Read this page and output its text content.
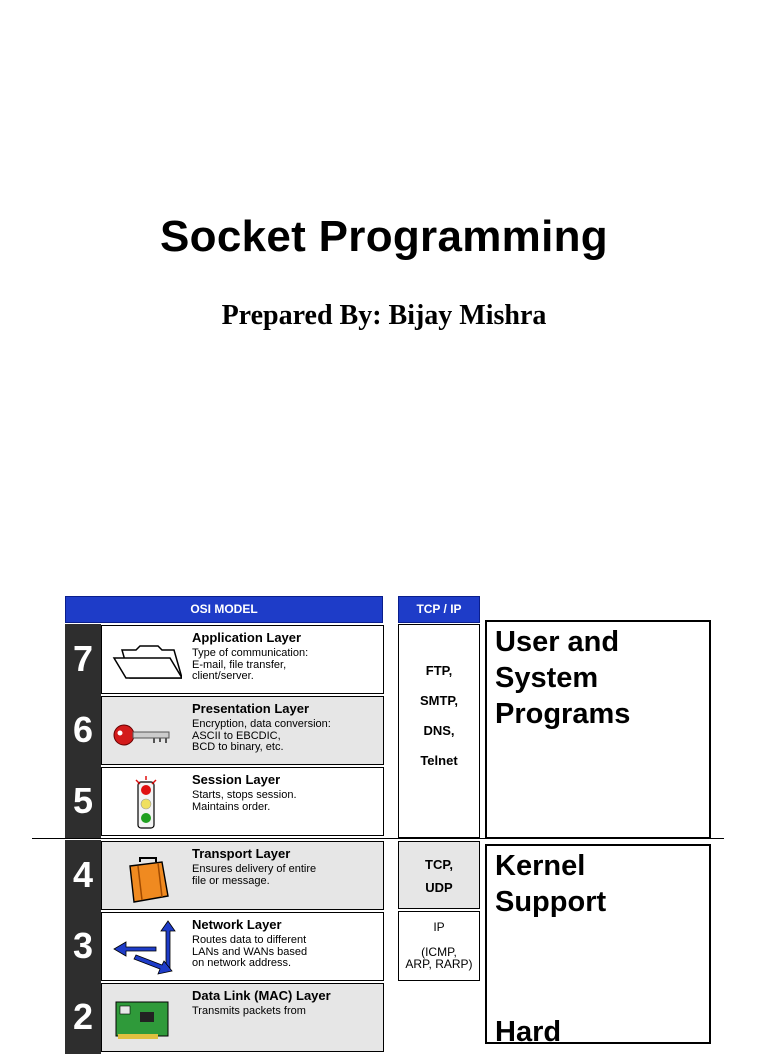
Socket Programming
Prepared By: Bijay Mishra
OSI MODEL
7
Application Layer
Type of communication:
E-mail, file transfer,
client/server.
6
Presentation Layer
Encryption, data conversion:
ASCII to EBCDIC,
BCD to binary, etc.
5
Session Layer
Starts, stops session.
Maintains order.
4
Transport Layer
Ensures delivery of entire
file or message.
3
Network Layer
Routes data to different
LANs and WANs based
on network address.
2
Data Link (MAC) Layer
Transmits packets from
TCP / IP
FTP,
SMTP,
DNS,
Telnet
TCP,
UDP
IP
(ICMP,
ARP, RARP)
User and System Programs
Kernel Support
Hard
